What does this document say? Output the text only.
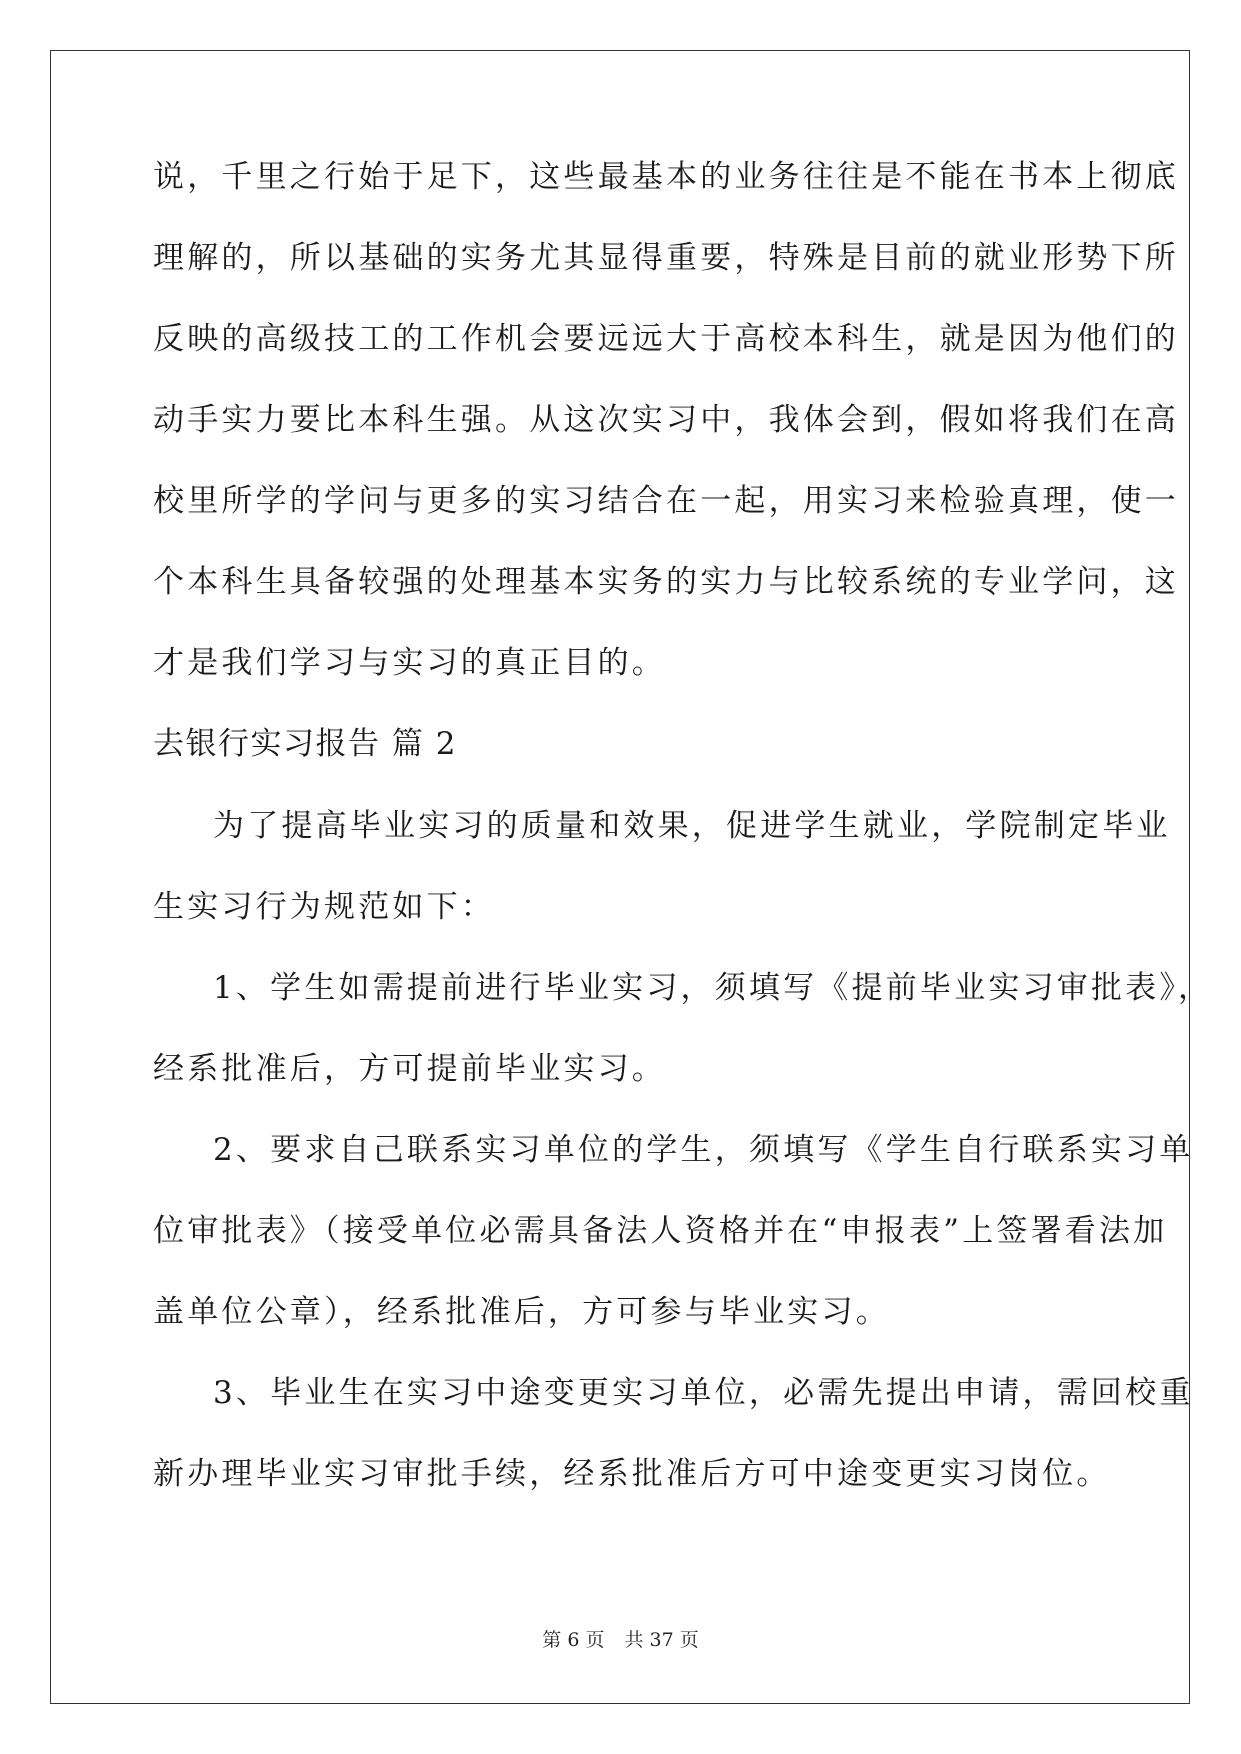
说，千里之行始于足下，这些最基本的业务往往是不能在书本上彻底
理解的，所以基础的实务尤其显得重要，特殊是目前的就业形势下所
反映的高级技工的工作机会要远远大于高校本科生，就是因为他们的
动手实力要比本科生强。从这次实习中，我体会到，假如将我们在高
校里所学的学问与更多的实习结合在一起，用实习来检验真理，使一
个本科生具备较强的处理基本实务的实力与比较系统的专业学问，这
才是我们学习与实习的真正目的。
去银行实习报告 篇 2
为了提高毕业实习的质量和效果，促进学生就业，学院制定毕业
生实习行为规范如下：
1、学生如需提前进行毕业实习，须填写《提前毕业实习审批表》，
经系批准后，方可提前毕业实习。
2、要求自己联系实习单位的学生，须填写《学生自行联系实习单
位审批表》（接受单位必需具备法人资格并在“申报表”上签署看法加
盖单位公章），经系批准后，方可参与毕业实习。
3、毕业生在实习中途变更实习单位，必需先提出申请，需回校重
新办理毕业实习审批手续，经系批准后方可中途变更实习岗位。
第 6 页 共 37 页
